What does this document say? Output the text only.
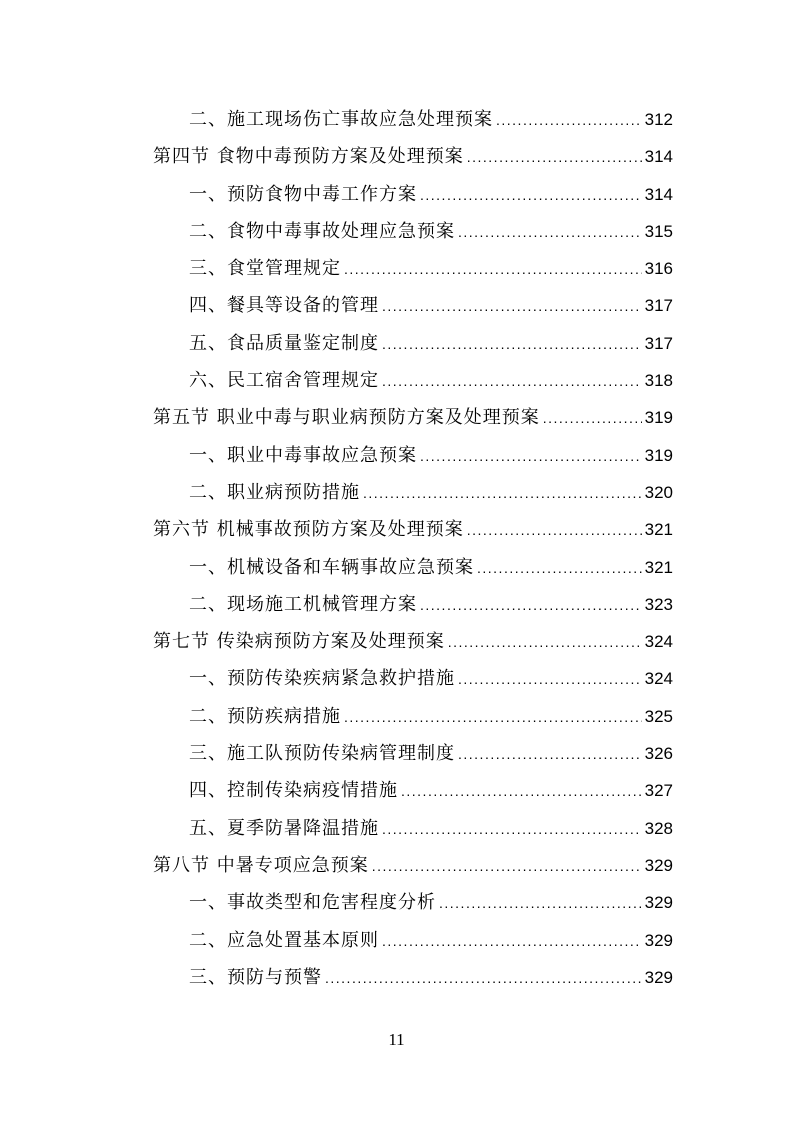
二、施工现场伤亡事故应急处理预案 .....	312
第四节 食物中毒预防方案及处理预案 .....	314
一、预防食物中毒工作方案 .....	314
二、食物中毒事故处理应急预案 .....	315
三、食堂管理规定 .....	316
四、餐具等设备的管理 .....	317
五、食品质量鉴定制度 .....	317
六、民工宿舍管理规定 .....	318
第五节 职业中毒与职业病预防方案及处理预案 .....	319
一、职业中毒事故应急预案 .....	319
二、职业病预防措施 .....	320
第六节 机械事故预防方案及处理预案 .....	321
一、机械设备和车辆事故应急预案 .....	321
二、现场施工机械管理方案 .....	323
第七节 传染病预防方案及处理预案 .....	324
一、预防传染疾病紧急救护措施 .....	324
二、预防疾病措施 .....	325
三、施工队预防传染病管理制度 .....	326
四、控制传染病疫情措施 .....	327
五、夏季防暑降温措施 .....	328
第八节 中暑专项应急预案 .....	329
一、事故类型和危害程度分析 .....	329
二、应急处置基本原则 .....	329
三、预防与预警 .....	329
11
